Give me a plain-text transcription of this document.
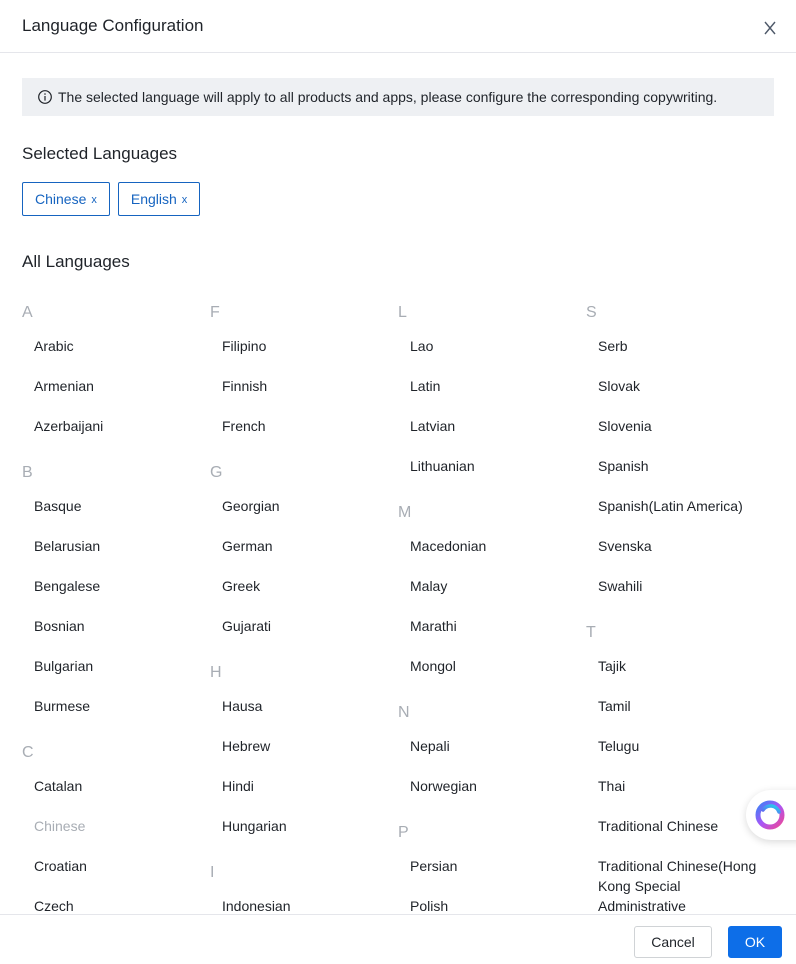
Language Configuration
The selected language will apply to all products and apps, please configure the corresponding copywriting.
Selected Languages
Chinese x English x
All Languages
A
Arabic
Armenian
Azerbaijani
B
Basque
Belarusian
Bengalese
Bosnian
Bulgarian
Burmese
C
Catalan
Chinese
Croatian
Czech
F
Filipino
Finnish
French
G
Georgian
German
Greek
Gujarati
H
Hausa
Hebrew
Hindi
Hungarian
I
Indonesian
L
Lao
Latin
Latvian
Lithuanian
M
Macedonian
Malay
Marathi
Mongol
N
Nepali
Norwegian
P
Persian
Polish
S
Serb
Slovak
Slovenia
Spanish
Spanish(Latin America)
Svenska
Swahili
T
Tajik
Tamil
Telugu
Thai
Traditional Chinese
Traditional Chinese(Hong Kong Special Administrative
Cancel	OK
